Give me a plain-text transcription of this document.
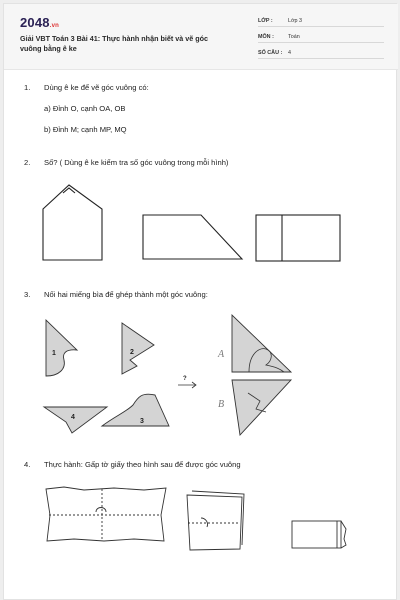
2048.vn
Giải VBT Toán 3 Bài 41: Thực hành nhận biết và vẽ góc vuông bằng ê ke
LỚP :	Lớp 3
MÔN :	Toán
SỐ CÂU : 4
1. Dùng ê ke để vẽ góc vuông có:
a) Đỉnh O, cạnh OA, OB
b) Đỉnh M; cạnh MP, MQ
2. Số? ( Dùng ê ke kiểm tra số góc vuông trong mỗi hình)
3. Nối hai miếng bìa để ghép thành một góc vuông:
1	2
3
4
?
A
B
4. Thực hành: Gấp tờ giấy theo hình sau để được góc vuông
